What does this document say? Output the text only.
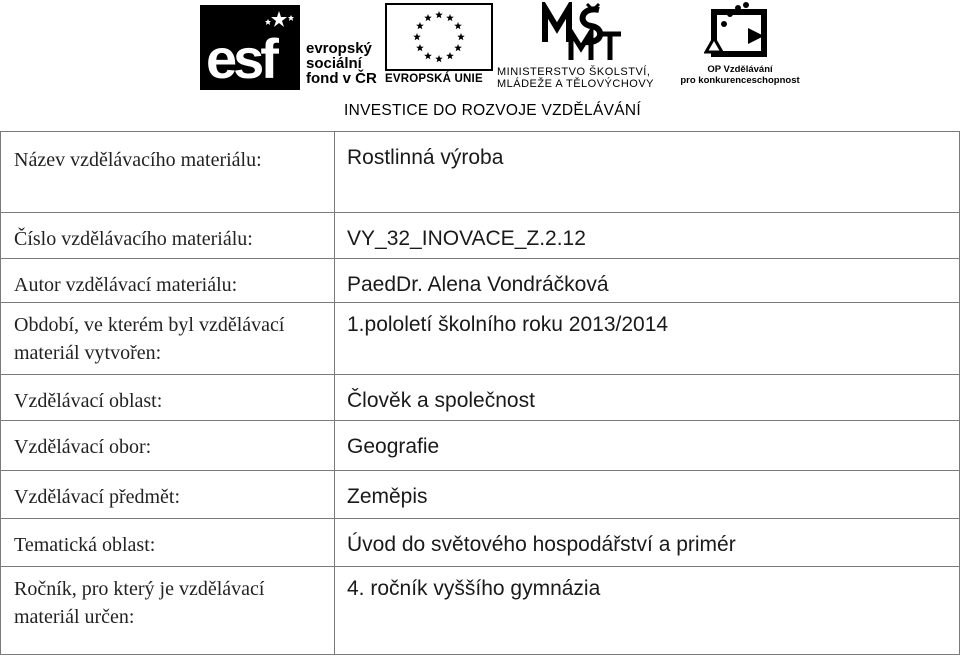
esf evropský
sociální
fond v ČR EVROPSKÁ UNIE
MINISTERSTVO ŠKOLSTVÍ,
MLÁDEŽE A TĚLOVÝCHOVY
OP Vzdělávání
pro konkurenceschopnost
INVESTICE DO ROZVOJE VZDĚLÁVÁNÍ
Název vzdělávacího materiálu:	Rostlinná výroba
Číslo vzdělávacího materiálu:	VY_32_INOVACE_Z.2.12
Autor vzdělávací materiálu:	PaedDr. Alena Vondráčková
Období, ve kterém byl vzdělávací materiál vytvořen:	1.pololetí školního roku 2013/2014
Vzdělávací oblast:	Člověk a společnost
Vzdělávací obor:	Geografie
Vzdělávací předmět:	Zeměpis
Tematická oblast:	Úvod do světového hospodářství a primér
Ročník, pro který je vzdělávací materiál určen:	4. ročník vyššího gymnázia
